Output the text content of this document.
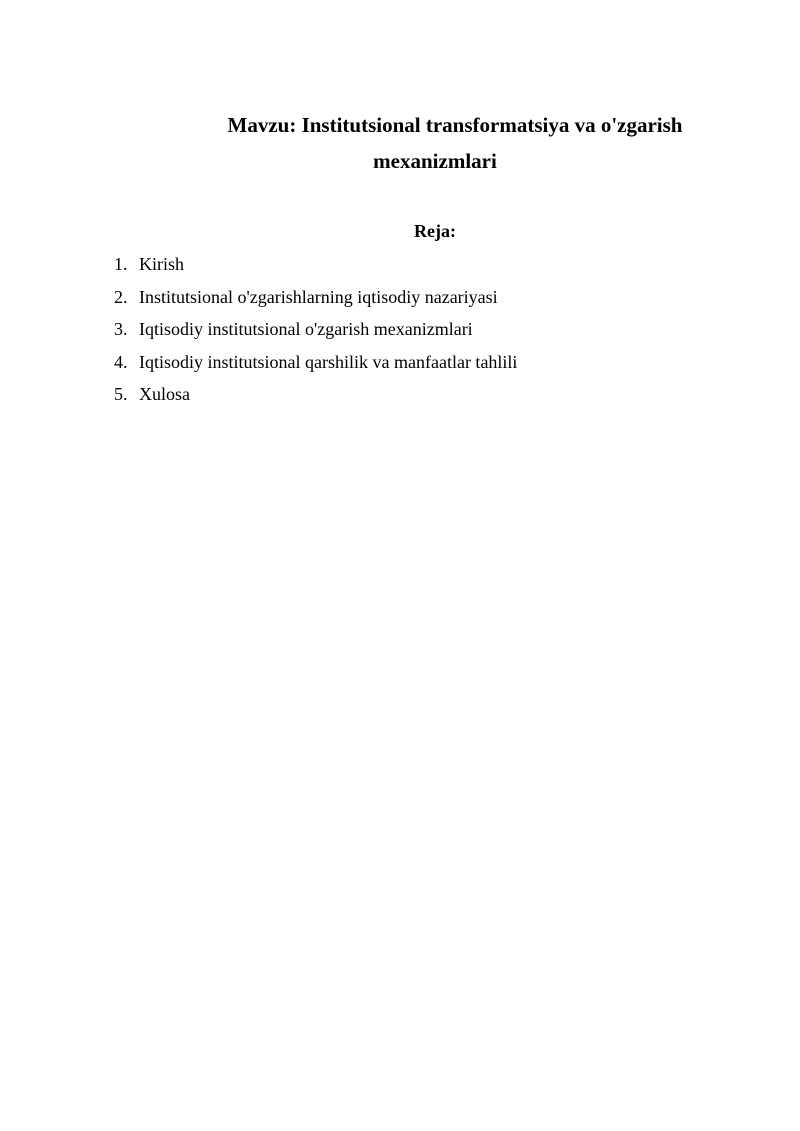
Mavzu: Institutsional transformatsiya va o'zgarish
mexanizmlari
Reja:
1. Kirish
2. Institutsional o'zgarishlarning iqtisodiy nazariyasi
3. Iqtisodiy institutsional o'zgarish mexanizmlari
4. Iqtisodiy institutsional qarshilik va manfaatlar tahlili
5. Xulosa
